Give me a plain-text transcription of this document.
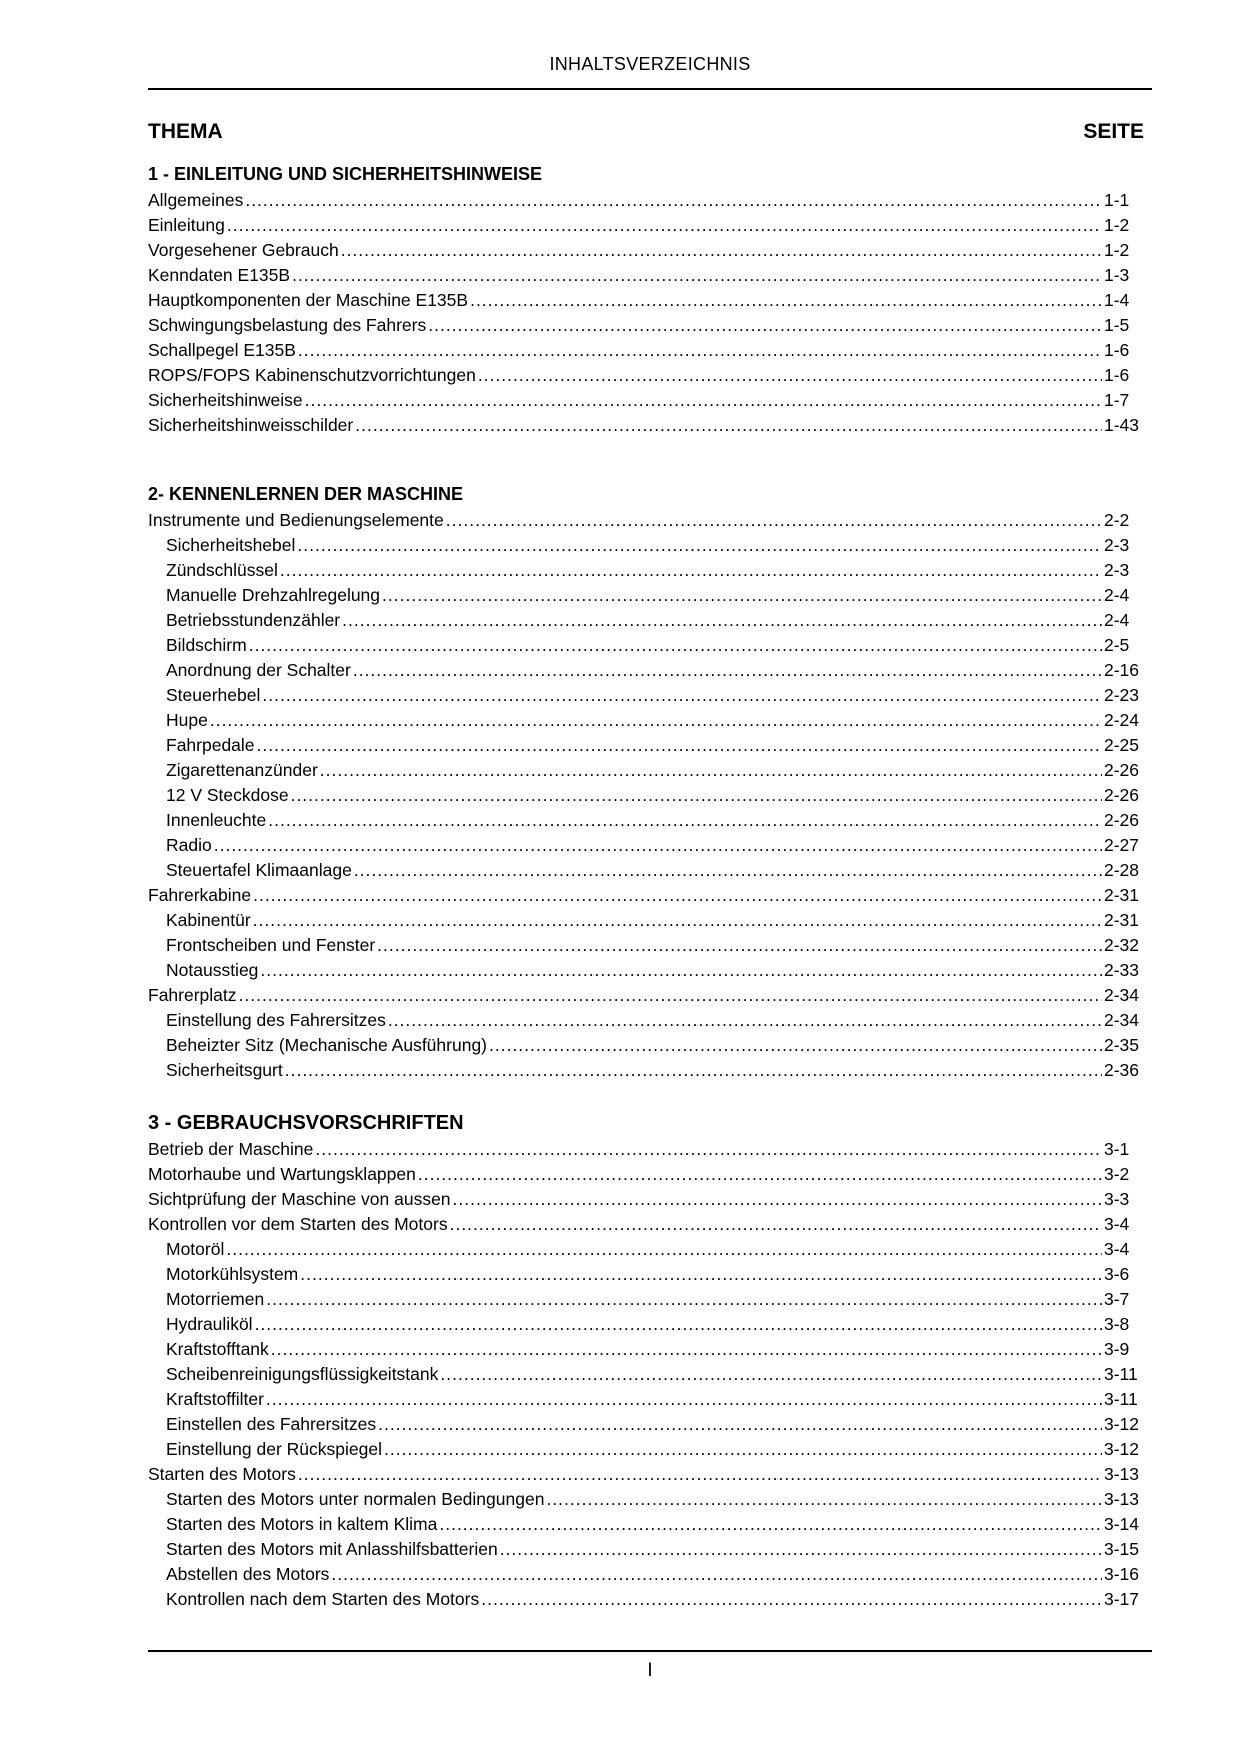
INHALTSVERZEICHNIS
THEMA	SEITE
1 - EINLEITUNG UND SICHERHEITSHINWEISE
Allgemeines .....	1-1
Einleitung .....	1-2
Vorgesehener Gebrauch .....	1-2
Kenndaten E135B .....	1-3
Hauptkomponenten der Maschine E135B .....	1-4
Schwingungsbelastung des Fahrers .....	1-5
Schallpegel E135B .....	1-6
ROPS/FOPS Kabinenschutzvorrichtungen .....	1-6
Sicherheitshinweise .....	1-7
Sicherheitshinweisschilder .....	1-43
2- KENNENLERNEN DER MASCHINE
Instrumente und Bedienungselemente .....	2-2
Sicherheitshebel .....	2-3
Zündschlüssel .....	2-3
Manuelle Drehzahlregelung .....	2-4
Betriebsstundenzähler .....	2-4
Bildschirm .....	2-5
Anordnung der Schalter .....	2-16
Steuerhebel .....	2-23
Hupe .....	2-24
Fahrpedale .....	2-25
Zigarettenanzünder .....	2-26
12 V Steckdose .....	2-26
Innenleuchte .....	2-26
Radio .....	2-27
Steuertafel Klimaanlage .....	2-28
Fahrerkabine .....	2-31
Kabinentür .....	2-31
Frontscheiben und Fenster .....	2-32
Notausstieg .....	2-33
Fahrerplatz .....	2-34
Einstellung des Fahrersitzes .....	2-34
Beheizter Sitz (Mechanische Ausführung) .....	2-35
Sicherheitsgurt .....	2-36
3 - GEBRAUCHSVORSCHRIFTEN
Betrieb der Maschine .....	3-1
Motorhaube und Wartungsklappen .....	3-2
Sichtprüfung der Maschine von aussen .....	3-3
Kontrollen vor dem Starten des Motors .....	3-4
Motoröl .....	3-4
Motorkühlsystem .....	3-6
Motorriemen .....	3-7
Hydrauliköl .....	3-8
Kraftstofftank .....	3-9
Scheibenreinigungsflüssigkeitstank .....	3-11
Kraftstoffilter .....	3-11
Einstellen des Fahrersitzes .....	3-12
Einstellung der Rückspiegel .....	3-12
Starten des Motors .....	3-13
Starten des Motors unter normalen Bedingungen .....	3-13
Starten des Motors in kaltem Klima .....	3-14
Starten des Motors mit Anlasshilfsbatterien .....	3-15
Abstellen des Motors .....	3-16
Kontrollen nach dem Starten des Motors .....	3-17
I
